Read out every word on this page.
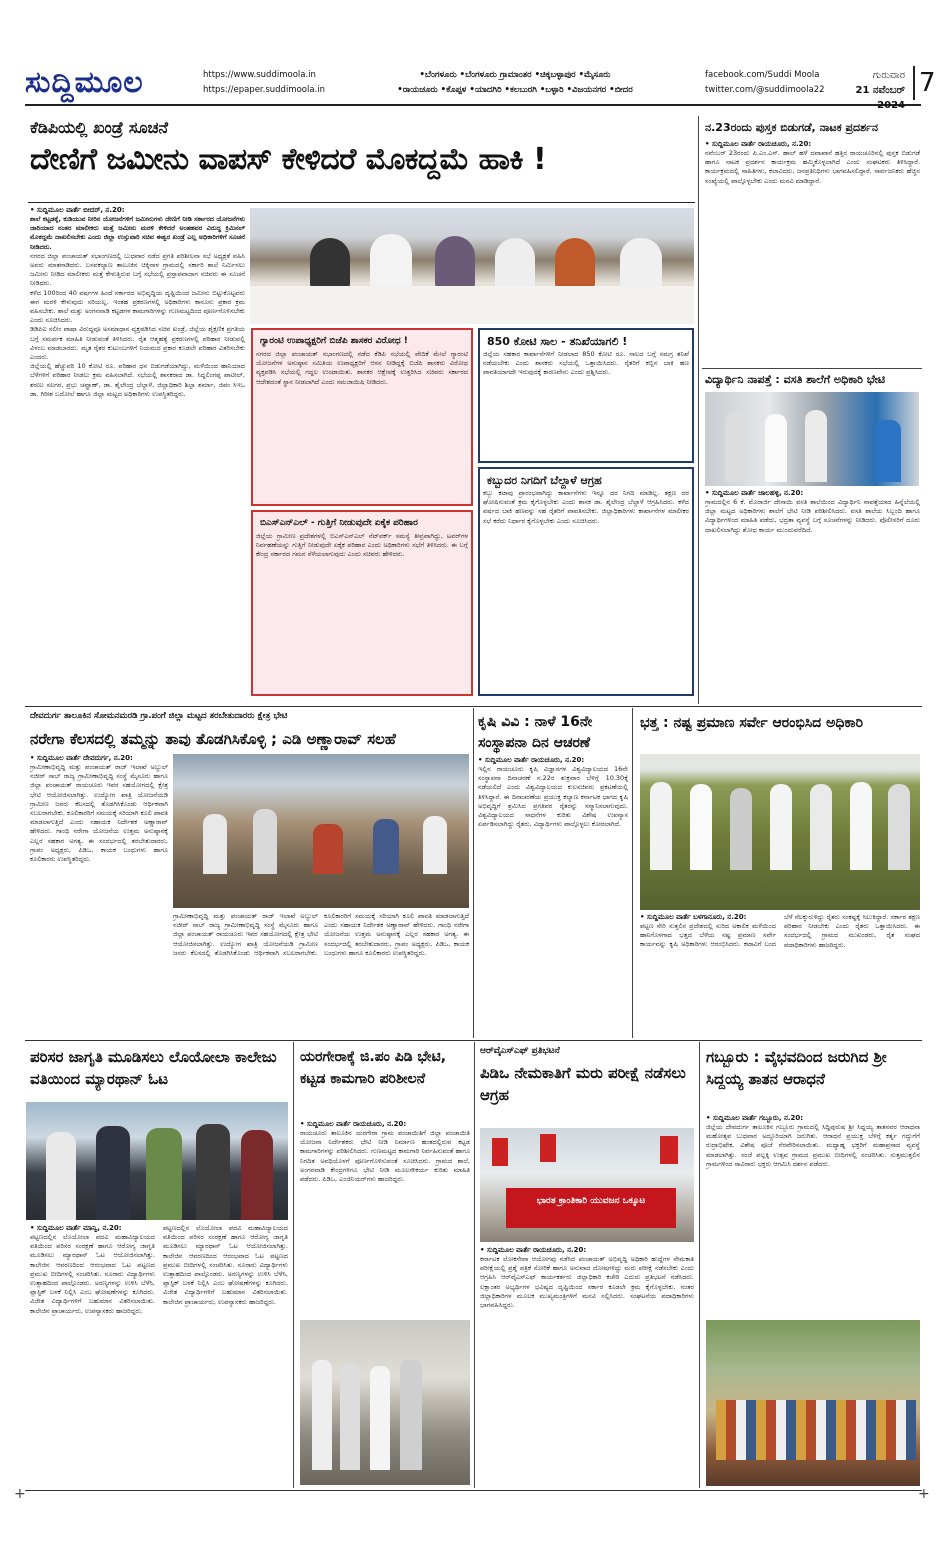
ಸುದ್ದಿಮೂಲ	https://www.suddimoola.in
https://epaper.suddimoola.in
•ಬೆಂಗಳೂರು •ಬೆಂಗಳೂರು ಗ್ರಾಮಾಂತರ •ಚಿಕ್ಕಬಳ್ಳಾಪುರ •ಮೈಸೂರು
•ರಾಯಚೂರು •ಕೊಪ್ಪಳ •ಯಾದಗಿರಿ •ಕಲಬುರಗಿ •ಬಳ್ಳಾರಿ •ವಿಜಯನಗರ •ಬೀದರ
facebook.com/Suddi Moola
twitter.com/@suddimoola22
ಗುರುವಾರ
21 ನವೆಂಬರ್ 2024
7
ಕೆಡಿಪಿಯಲ್ಲಿ ಖಂಡ್ರೆ ಸೂಚನೆ
ದೇಣಿಗೆ ಜಮೀನು ವಾಪಸ್ ಕೇಳಿದರೆ ಮೊಕದ್ದಮೆ ಹಾಕಿ !
• ಸುದ್ದಿಮೂಲ ವಾರ್ತೆ ಬೀದರ್, ನ.20:

ಶಾಲೆ ಕಟ್ಟಡಕ್ಕೆ, ಕುಡಿಯುವ ನೀರಿನ ಯೋಜನೆಗಳಿಗೆ ಜಮೀನುಗಳು ದೇಣಿಗೆ ನೀಡಿ ಸರ್ಕಾರದ ಯೋಜನೆಗಳು ಜಾರಿಯಾದ ನಂತರ ಮಾಲೀಕರು ಮತ್ತೆ ಜಮೀನು ಮರಳಿ ಕೇಳಿದರೆ ಅಂತಹವರ ವಿರುದ್ಧ ಕ್ರಿಮಿನಲ್ ಮೊಕದ್ದಮೆ ದಾಖಲಿಸಬೇಕು ಎಂದು ಜಿಲ್ಲಾ ಉಸ್ತುವಾರಿ ಸಚಿವ ಈಶ್ವರ ಖಂಡ್ರೆ ಎಲ್ಲ ಅಧಿಕಾರಿಗಳಿಗೆ ಸೂಚನೆ ನೀಡಿದರು.

ನಗರದ ಜಿಲ್ಲಾ ಪಂಚಾಯತ್ ಸಭಾಂಗಣದಲ್ಲಿ ಬುಧವಾರ ನಡೆದ ಪ್ರಗತಿ ಪರಿಶೀಲನಾ ಸಭೆ ಅಧ್ಯಕ್ಷತೆ ವಹಿಸಿ ಅವರು ಮಾತನಾಡಿದರು. ಬಸವಕಲ್ಯಾಣ ತಾಲೂಕಿನ ಚಿಕ್ಕಿನಾಳ ಗ್ರಾಮದಲ್ಲಿ ಸರ್ಕಾರಿ ಶಾಲೆ ನಿರ್ಮಿಸಲು ಜಮೀನು ನೀಡಿದ ಮಾಲೀಕರು ಮತ್ತೆ ಕೇಳುತ್ತಿರುವ ಬಗ್ಗೆ ಸಭೆಯಲ್ಲಿ ಪ್ರಸ್ತಾಪವಾದಾಗ ಸಚಿವರು ಈ ಸೂಚನೆ ನೀಡಿದರು.

ಕಳೆದ 100ರಿಂದ 40 ವರ್ಷಗಳ ಹಿಂದೆ ಸರ್ಕಾರದ ಅಭಿವೃದ್ಧಿಯ ದೃಷ್ಟಿಯಿಂದ ಜಮೀನು ಬಿಟ್ಟುಕೊಟ್ಟವರು ಈಗ ಮರಳಿ ಕೇಳುವುದು ಸರಿಯಲ್ಲ. ಇಂತಹ ಪ್ರಕರಣಗಳಲ್ಲಿ ಅಧಿಕಾರಿಗಳು ಕಾನೂನು ಪ್ರಕಾರ ಕ್ರಮ ವಹಿಸಬೇಕು. ಶಾಲೆ ಮತ್ತು ಅಂಗನವಾಡಿ ಕಟ್ಟಡಗಳ ಕಾಮಗಾರಿಗಳನ್ನು ಗುಣಮಟ್ಟದಿಂದ ಪೂರ್ಣಗೊಳಿಸಬೇಕು ಎಂದು ಸೂಚಿಸಿದರು.

ಡಿಡಿಪಿಐ ಸಲೀಂ ಪಾಷಾ ವಿರುದ್ಧವೂ ಅಸಮಾಧಾನ ವ್ಯಕ್ತಪಡಿಸಿದ ಸಚಿವ ಖಂಡ್ರೆ, ಜಿಲ್ಲೆಯ ಶೈಕ್ಷಣಿಕ ಪ್ರಗತಿಯ ಬಗ್ಗೆ ಸಮರ್ಪಕ ಮಾಹಿತಿ ನೀಡುವಂತೆ ತಿಳಿಸಿದರು. ರೈತ ಆತ್ಮಹತ್ಯೆ ಪ್ರಕರಣಗಳಲ್ಲಿ ಪರಿಹಾರ ನೀಡುವಲ್ಲಿ ವಿಳಂಬ ಮಾಡಬಾರದು. ಮೃತ ರೈತರ ಕುಟುಂಬಗಳಿಗೆ ನಿಯಮದ ಪ್ರಕಾರ ಕೂಡಲೇ ಪರಿಹಾರ ವಿತರಿಸಬೇಕು ಎಂದರು.

ಜಿಲ್ಲೆಯಲ್ಲಿ ಹೆಚ್ಚುವರಿ 10 ಕೋಟಿ ರೂ. ಪರಿಹಾರ ಧನ ಬಿಡುಗಡೆಯಾಗಿದ್ದು, ಮಳೆಯಿಂದ ಹಾನಿಯಾದ ಬೆಳೆಗಳಿಗೆ ಪರಿಹಾರ ನೀಡಲು ಕ್ರಮ ವಹಿಸಲಾಗಿದೆ. ಸಭೆಯಲ್ಲಿ ಶಾಸಕರಾದ ಡಾ. ಸಿದ್ದಲಿಂಗಪ್ಪ ಪಾಟೀಲ್, ಶರಣು ಸಲಗರ, ಪ್ರಭು ಚವ್ಹಾಣ್, ಡಾ. ಶೈಲೇಂದ್ರ ಬೆಲ್ದಾಳೆ, ಜಿಲ್ಲಾಧಿಕಾರಿ ಶಿಲ್ಪಾ ಶರ್ಮಾ, ಜಿಪಂ ಸಿಇಒ ಡಾ. ಗಿರೀಶ ಬದೋಲೆ ಹಾಗೂ ಜಿಲ್ಲಾ ಮಟ್ಟದ ಅಧಿಕಾರಿಗಳು ಉಪಸ್ಥಿತರಿದ್ದರು.

ಗ್ಯಾರಂಟಿ ಉಪಾಧ್ಯಕ್ಷರಿಗೆ ಬಿಜೆಪಿ ಶಾಸಕರ ವಿರೋಧ !

ನಗರದ ಜಿಲ್ಲಾ ಪಂಚಾಯತ್‌ ಸಭಾಂಗಣದಲ್ಲಿ ನಡೆದ ಕೆಡಿಪಿ ಸಭೆಯಲ್ಲಿ ವೇದಿಕೆ ಮೇಲೆ ಗ್ಯಾರಂಟಿ ಯೋಜನೆಗಳ ಅನುಷ್ಠಾನ ಸಮಿತಿಯ ಉಪಾಧ್ಯಕ್ಷರಿಗೆ ಆಸನ ನೀಡಿದ್ದಕ್ಕೆ ಬಿಜೆಪಿ ಶಾಸಕರು ವಿರೋಧ ವ್ಯಕ್ತಪಡಿಸಿ ಸಭೆಯಲ್ಲಿ ಗದ್ದಲ ಉಂಟಾಯಿತು. ಶಾಸಕರ ಆಕ್ಷೇಪಕ್ಕೆ ಉತ್ತರಿಸಿದ ಸಚಿವರು ಸರ್ಕಾರದ ಆದೇಶದಂತೆ ಸ್ಥಾನ ನೀಡಲಾಗಿದೆ ಎಂದು ಸಮಜಾಯಿಷಿ ನೀಡಿದರು.

ಬಿಎಸ್‌ಎನ್‌ಎಲ್ - ಗುತ್ತಿಗೆ ನೀಡುವುದೇ ಏಕೈಕ ಪರಿಹಾರ

ಜಿಲ್ಲೆಯ ಗ್ರಾಮೀಣ ಪ್ರದೇಶಗಳಲ್ಲಿ ಬಿಎಸ್‌ಎನ್‌ಎಲ್ ನೆಟ್‌ವರ್ಕ್ ಸಮಸ್ಯೆ ತೀವ್ರವಾಗಿದ್ದು, ಟವರ್‌ಗಳ ನಿರ್ವಹಣೆಯನ್ನು ಗುತ್ತಿಗೆ ನೀಡುವುದೇ ಏಕೈಕ ಪರಿಹಾರ ಎಂದು ಅಧಿಕಾರಿಗಳು ಸಭೆಗೆ ತಿಳಿಸಿದರು. ಈ ಬಗ್ಗೆ ಕೇಂದ್ರ ಸರ್ಕಾರದ ಗಮನ ಸೆಳೆಯಲಾಗುವುದು ಎಂದು ಸಚಿವರು ಹೇಳಿದರು.

850 ಕೋಟಿ ಸಾಲ - ತನಿಖೆಯಾಗಲಿ !

ಜಿಲ್ಲೆಯ ಸಹಕಾರ ಕಾರ್ಖಾನೆಗಳಿಗೆ ನೀಡಲಾದ 850 ಕೋಟಿ ರೂ. ಸಾಲದ ಬಗ್ಗೆ ಸಮಗ್ರ ತನಿಖೆ ನಡೆಯಬೇಕು ಎಂದು ಶಾಸಕರು ಸಭೆಯಲ್ಲಿ ಒತ್ತಾಯಿಸಿದರು. ರೈತರಿಗೆ ಕಬ್ಬಿನ ಬಾಕಿ ಹಣ ಪಾವತಿಯಾಗದೇ ಇರುವುದಕ್ಕೆ ಕಾರಣವೇನು ಎಂದು ಪ್ರಶ್ನಿಸಿದರು.

ಕಬ್ಬುದರ ನಿಗದಿಗೆ ಬೆಲ್ದಾಳೆ ಆಗ್ರಹ

ಕಬ್ಬು ಕಟಾವು ಪ್ರಾರಂಭವಾಗಿದ್ದು ಕಾರ್ಖಾನೆಗಳು ಇನ್ನೂ ದರ ನಿಗದಿ ಮಾಡಿಲ್ಲ. ತಕ್ಷಣ ದರ ಘೋಷಿಸುವಂತೆ ಕ್ರಮ ಕೈಗೊಳ್ಳಬೇಕು ಎಂದು ಶಾಸಕ ಡಾ. ಶೈಲೇಂದ್ರ ಬೆಲ್ದಾಳೆ ಆಗ್ರಹಿಸಿದರು. ಕಳೆದ ವರ್ಷದ ಬಾಕಿ ಹಣವನ್ನು ಸಹ ರೈತರಿಗೆ ಪಾವತಿಸಬೇಕು. ಜಿಲ್ಲಾಧಿಕಾರಿಗಳು ಕಾರ್ಖಾನೆಗಳ ಮಾಲೀಕರ ಸಭೆ ಕರೆದು ನಿರ್ಧಾರ ಕೈಗೊಳ್ಳಬೇಕು ಎಂದು ಸೂಚಿಸಿದರು.

ನ.23ರಂದು ಪುಸ್ತಕ ಬಿಡುಗಡೆ, ನಾಟಕ ಪ್ರದರ್ಶನ
• ಸುದ್ದಿಮೂಲ ವಾರ್ತೆ ರಾಯಚೂರು, ನ.20:

ನವೆಂಬರ್ 23ರಂದು ಪಿ.ಎಂ.ಎಸ್. ಹಾಲ್ ಹಳೆ ದವಾಖಾನೆ ಹತ್ತಿರ ರಾಯಚೂರಿನಲ್ಲಿ ಪುಸ್ತಕ ಬಿಡುಗಡೆ ಹಾಗೂ ನಾಟಕ ಪ್ರದರ್ಶನ ಕಾರ್ಯಕ್ರಮ ಹಮ್ಮಿಕೊಳ್ಳಲಾಗಿದೆ ಎಂದು ಸಂಘಟಕರು ತಿಳಿಸಿದ್ದಾರೆ. ಕಾರ್ಯಕ್ರಮದಲ್ಲಿ ಸಾಹಿತಿಗಳು, ಕಲಾವಿದರು, ಜನಪ್ರತಿನಿಧಿಗಳು ಭಾಗವಹಿಸಲಿದ್ದಾರೆ. ಸಾರ್ವಜನಿಕರು ಹೆಚ್ಚಿನ ಸಂಖ್ಯೆಯಲ್ಲಿ ಪಾಲ್ಗೊಳ್ಳಬೇಕು ಎಂದು ಮನವಿ ಮಾಡಿದ್ದಾರೆ.

ವಿದ್ಯಾರ್ಥಿನಿ ನಾಪತ್ತೆ : ವಸತಿ ಶಾಲೆಗೆ ಅಧಿಕಾರಿ ಭೇಟಿ
• ಸುದ್ದಿಮೂಲ ವಾರ್ತೆ ಜಾಲಹಳ್ಳಿ, ನ.20:

ಗ್ರಾಮದಲ್ಲಿನ 6 ಕೆ. ಮೊರಾರ್ಜಿ ದೇಸಾಯಿ ವಸತಿ ಶಾಲೆಯಿಂದ ವಿದ್ಯಾರ್ಥಿನಿ ನಾಪತ್ತೆಯಾದ ಹಿನ್ನೆಲೆಯಲ್ಲಿ ಜಿಲ್ಲಾ ಮಟ್ಟದ ಅಧಿಕಾರಿಗಳು ಶಾಲೆಗೆ ಭೇಟಿ ನೀಡಿ ಪರಿಶೀಲಿಸಿದರು. ವಸತಿ ಶಾಲೆಯ ಸಿಬ್ಬಂದಿ ಹಾಗೂ ವಿದ್ಯಾರ್ಥಿಗಳಿಂದ ಮಾಹಿತಿ ಪಡೆದು, ಭದ್ರತಾ ವ್ಯವಸ್ಥೆ ಬಗ್ಗೆ ಸೂಚನೆಗಳನ್ನು ನೀಡಿದರು. ಪೊಲೀಸರಿಗೆ ದೂರು ದಾಖಲಿಸಲಾಗಿದ್ದು ಶೋಧ ಕಾರ್ಯ ಮುಂದುವರೆದಿದೆ.

ದೇವದುರ್ಗ ತಾಲೂಕಿನ ಸೋಮನಮರಡಿ ಗ್ರಾ.ಪಂಗೆ ಜಿಲ್ಲಾ ಮಟ್ಟದ ತರಬೇತುದಾರರು ಕ್ಷೇತ್ರ ಭೇಟಿ
ನರೇಗಾ ಕೆಲಸದಲ್ಲಿ ತಮ್ಮನ್ನು ತಾವು ತೊಡಗಿಸಿಕೊಳ್ಳಿ ; ಎಡಿ ಅಣ್ಣಾರಾವ್ ಸಲಹೆ
• ಸುದ್ದಿಮೂಲ ವಾರ್ತೆ ದೇವದುರ್ಗ, ನ.20:

ಗ್ರಾಮೀಣಾಭಿವೃದ್ಧಿ ಮತ್ತು ಪಂಚಾಯತ್ ರಾಜ್ ಇಲಾಖೆ ಅಬ್ದುಲ್ ನಜೀರ್ ಸಾಬ್ ರಾಜ್ಯ ಗ್ರಾಮೀಣಾಭಿವೃದ್ಧಿ ಸಂಸ್ಥೆ ಮೈಸೂರು ಹಾಗೂ ಜಿಲ್ಲಾ ಪಂಚಾಯತ್ ರಾಯಚೂರು ಇವರ ಸಹಯೋಗದಲ್ಲಿ ಕ್ಷೇತ್ರ ಭೇಟಿ ಆಯೋಜಿಸಲಾಗಿತ್ತು. ಉದ್ಯೋಗ ಖಾತ್ರಿ ಯೋಜನೆಯಡಿ ಗ್ರಾಮೀಣ ಜನರು ಕೆಲಸದಲ್ಲಿ ತೊಡಗಿಸಿಕೊಂಡು ಆರ್ಥಿಕವಾಗಿ ಸಬಲರಾಗಬೇಕು. ಕೂಲಿಕಾರರಿಗೆ ಸಮಯಕ್ಕೆ ಸರಿಯಾಗಿ ಕೂಲಿ ಪಾವತಿ ಮಾಡಲಾಗುತ್ತಿದೆ ಎಂದು ಸಹಾಯಕ ನಿರ್ದೇಶಕ ಅಣ್ಣಾರಾವ್ ಹೇಳಿದರು. ಗಾಂಧಿ ನರೇಗಾ ಯೋಜನೆಯ ಉತ್ತಮ ಅನುಷ್ಠಾನಕ್ಕೆ ಎಲ್ಲರ ಸಹಕಾರ ಅಗತ್ಯ. ಈ ಸಂದರ್ಭದಲ್ಲಿ ತರಬೇತುದಾರರು, ಗ್ರಾಪಂ ಅಧ್ಯಕ್ಷರು, ಪಿಡಿಒ, ಕಾಯಕ ಬಂಧುಗಳು ಹಾಗೂ ಕೂಲಿಕಾರರು ಉಪಸ್ಥಿತರಿದ್ದರು.

ಗ್ರಾಮೀಣಾಭಿವೃದ್ಧಿ ಮತ್ತು ಪಂಚಾಯತ್ ರಾಜ್ ಇಲಾಖೆ ಅಬ್ದುಲ್ ನಜೀರ್ ಸಾಬ್ ರಾಜ್ಯ ಗ್ರಾಮೀಣಾಭಿವೃದ್ಧಿ ಸಂಸ್ಥೆ ಮೈಸೂರು ಹಾಗೂ ಜಿಲ್ಲಾ ಪಂಚಾಯತ್ ರಾಯಚೂರು ಇವರ ಸಹಯೋಗದಲ್ಲಿ ಕ್ಷೇತ್ರ ಭೇಟಿ ಆಯೋಜಿಸಲಾಗಿತ್ತು. ಉದ್ಯೋಗ ಖಾತ್ರಿ ಯೋಜನೆಯಡಿ ಗ್ರಾಮೀಣ ಜನರು ಕೆಲಸದಲ್ಲಿ ತೊಡಗಿಸಿಕೊಂಡು ಆರ್ಥಿಕವಾಗಿ ಸಬಲರಾಗಬೇಕು. ಕೂಲಿಕಾರರಿಗೆ ಸಮಯಕ್ಕೆ ಸರಿಯಾಗಿ ಕೂಲಿ ಪಾವತಿ ಮಾಡಲಾಗುತ್ತಿದೆ ಎಂದು ಸಹಾಯಕ ನಿರ್ದೇಶಕ ಅಣ್ಣಾರಾವ್ ಹೇಳಿದರು. ಗಾಂಧಿ ನರೇಗಾ ಯೋಜನೆಯ ಉತ್ತಮ ಅನುಷ್ಠಾನಕ್ಕೆ ಎಲ್ಲರ ಸಹಕಾರ ಅಗತ್ಯ. ಈ ಸಂದರ್ಭದಲ್ಲಿ ತರಬೇತುದಾರರು, ಗ್ರಾಪಂ ಅಧ್ಯಕ್ಷರು, ಪಿಡಿಒ, ಕಾಯಕ ಬಂಧುಗಳು ಹಾಗೂ ಕೂಲಿಕಾರರು ಉಪಸ್ಥಿತರಿದ್ದರು.

ಕೃಷಿ ವಿವಿ : ನಾಳೆ 16ನೇ ಸಂಸ್ಥಾಪನಾ ದಿನ ಆಚರಣೆ
• ಸುದ್ದಿಮೂಲ ವಾರ್ತೆ ರಾಯಚೂರು, ನ.20:

ಇಲ್ಲಿನ ರಾಯಚೂರು ಕೃಷಿ ವಿಜ್ಞಾನಗಳ ವಿಶ್ವವಿದ್ಯಾಲಯದ 16ನೇ ಸಂಸ್ಥಾಪನಾ ದಿನಾಚರಣೆ ನ.22ರ ಶುಕ್ರವಾರ ಬೆಳಿಗ್ಗೆ 10.30ಕ್ಕೆ ನಡೆಯಲಿದೆ ಎಂದು ವಿಶ್ವವಿದ್ಯಾಲಯದ ಕುಲಸಚಿವರು ಪ್ರಕಟಣೆಯಲ್ಲಿ ತಿಳಿಸಿದ್ದಾರೆ. ಈ ದಿನಾಚರಣೆಯ ಪ್ರಯುಕ್ತ ಕಲ್ಯಾಣ ಕರ್ನಾಟಕ ಭಾಗದ ಕೃಷಿ ಅಭಿವೃದ್ಧಿಗೆ ಶ್ರಮಿಸಿದ ಪ್ರಗತಿಪರ ರೈತರನ್ನು ಸನ್ಮಾನಿಸಲಾಗುವುದು. ವಿಶ್ವವಿದ್ಯಾಲಯದ ಸಾಧನೆಗಳ ಕುರಿತು ವಿಶೇಷ ಉಪನ್ಯಾಸ ಏರ್ಪಡಿಸಲಾಗಿದ್ದು ರೈತರು, ವಿದ್ಯಾರ್ಥಿಗಳು ಪಾಲ್ಗೊಳ್ಳಲು ಕೋರಲಾಗಿದೆ.

ಭತ್ತ : ನಷ್ಟ ಪ್ರಮಾಣ ಸರ್ವೇ ಆರಂಭಿಸಿದ ಅಧಿಕಾರಿ
• ಸುದ್ದಿಮೂಲ ವಾರ್ತೆ ಬಳಗಾನೂರು, ನ.20:

ಪಟ್ಟಣ ಸೇರಿ ಸುತ್ತಲಿನ ಪ್ರದೇಶದಲ್ಲಿ ಸುರಿದ ಅಕಾಲಿಕ ಮಳೆಯಿಂದ ಹಾನಿಗೊಳಗಾದ ಭತ್ತದ ಬೆಳೆಯ ನಷ್ಟ ಪ್ರಮಾಣ ಸರ್ವೇ ಕಾರ್ಯವನ್ನು ಕೃಷಿ ಅಧಿಕಾರಿಗಳು ಆರಂಭಿಸಿದರು. ಕಟಾವಿಗೆ ಬಂದ ಬೆಳೆ ನೆಲಕ್ಕುರುಳಿದ್ದು ರೈತರು ಸಂಕಷ್ಟಕ್ಕೆ ಸಿಲುಕಿದ್ದಾರೆ. ಸರ್ಕಾರ ತಕ್ಷಣ ಪರಿಹಾರ ನೀಡಬೇಕು ಎಂದು ರೈತರು ಒತ್ತಾಯಿಸಿದರು. ಈ ಸಂದರ್ಭದಲ್ಲಿ ಗ್ರಾಮದ ಮುಖಂಡರು, ರೈತ ಸಂಘದ ಪದಾಧಿಕಾರಿಗಳು ಹಾಜರಿದ್ದರು.

ಪರಿಸರ ಜಾಗೃತಿ ಮೂಡಿಸಲು ಲೊಯೋಲಾ ಕಾಲೇಜು ವತಿಯಿಂದ ಮ್ಯಾರಥಾನ್ ಓಟ
• ಸುದ್ದಿಮೂಲ ವಾರ್ತೆ ಮಾನ್ವಿ, ನ.20:

ಪಟ್ಟಣದಲ್ಲಿನ ಲೊಯೋಲಾ ಪದವಿ ಮಹಾವಿದ್ಯಾಲಯದ ವತಿಯಿಂದ ಪರಿಸರ ಸಂರಕ್ಷಣೆ ಹಾಗೂ ಆರೋಗ್ಯ ಜಾಗೃತಿ ಮೂಡಿಸಲು ಮ್ಯಾರಥಾನ್ ಓಟ ಆಯೋಜಿಸಲಾಗಿತ್ತು. ಕಾಲೇಜಿನ ಆವರಣದಿಂದ ಆರಂಭವಾದ ಓಟ ಪಟ್ಟಣದ ಪ್ರಮುಖ ಬೀದಿಗಳಲ್ಲಿ ಸಂಚರಿಸಿತು. ನೂರಾರು ವಿದ್ಯಾರ್ಥಿಗಳು ಉತ್ಸಾಹದಿಂದ ಪಾಲ್ಗೊಂಡರು. ಅರಣ್ಯಗಳನ್ನು ಉಳಿಸಿ ಬೆಳೆಸಿ, ಪ್ಲಾಸ್ಟಿಕ್ ಬಳಕೆ ನಿಲ್ಲಿಸಿ ಎಂಬ ಘೋಷಣೆಗಳನ್ನು ಕೂಗಿದರು. ವಿಜೇತ ವಿದ್ಯಾರ್ಥಿಗಳಿಗೆ ಬಹುಮಾನ ವಿತರಿಸಲಾಯಿತು. ಕಾಲೇಜಿನ ಪ್ರಾಚಾರ್ಯರು, ಉಪನ್ಯಾಸಕರು ಹಾಜರಿದ್ದರು.

ಪಟ್ಟಣದಲ್ಲಿನ ಲೊಯೋಲಾ ಪದವಿ ಮಹಾವಿದ್ಯಾಲಯದ ವತಿಯಿಂದ ಪರಿಸರ ಸಂರಕ್ಷಣೆ ಹಾಗೂ ಆರೋಗ್ಯ ಜಾಗೃತಿ ಮೂಡಿಸಲು ಮ್ಯಾರಥಾನ್ ಓಟ ಆಯೋಜಿಸಲಾಗಿತ್ತು. ಕಾಲೇಜಿನ ಆವರಣದಿಂದ ಆರಂಭವಾದ ಓಟ ಪಟ್ಟಣದ ಪ್ರಮುಖ ಬೀದಿಗಳಲ್ಲಿ ಸಂಚರಿಸಿತು. ನೂರಾರು ವಿದ್ಯಾರ್ಥಿಗಳು ಉತ್ಸಾಹದಿಂದ ಪಾಲ್ಗೊಂಡರು. ಅರಣ್ಯಗಳನ್ನು ಉಳಿಸಿ ಬೆಳೆಸಿ, ಪ್ಲಾಸ್ಟಿಕ್ ಬಳಕೆ ನಿಲ್ಲಿಸಿ ಎಂಬ ಘೋಷಣೆಗಳನ್ನು ಕೂಗಿದರು. ವಿಜೇತ ವಿದ್ಯಾರ್ಥಿಗಳಿಗೆ ಬಹುಮಾನ ವಿತರಿಸಲಾಯಿತು. ಕಾಲೇಜಿನ ಪ್ರಾಚಾರ್ಯರು, ಉಪನ್ಯಾಸಕರು ಹಾಜರಿದ್ದರು.

ಯರಗೇರಾಕ್ಕೆ ಜಿ.ಪಂ ಪಿಡಿ ಭೇಟಿ, ಕಟ್ಟಡ ಕಾಮಗಾರಿ ಪರಿಶೀಲನೆ
• ಸುದ್ದಿಮೂಲ ವಾರ್ತೆ ರಾಯಚೂರು, ನ.20:

ರಾಯಚೂರು ತಾಲೂಕಿನ ಯರಗೇರಾ ಗ್ರಾಮ ಪಂಚಾಯಿತಿಗೆ ಜಿಲ್ಲಾ ಪಂಚಾಯಿತಿ ಯೋಜನಾ ನಿರ್ದೇಶಕರು ಭೇಟಿ ನೀಡಿ ನಿರ್ಮಾಣ ಹಂತದಲ್ಲಿರುವ ಕಟ್ಟಡ ಕಾಮಗಾರಿಗಳನ್ನು ಪರಿಶೀಲಿಸಿದರು. ಗುಣಮಟ್ಟದ ಕಾಮಗಾರಿ ನಿರ್ವಹಿಸುವಂತೆ ಹಾಗೂ ನಿಗದಿತ ಅವಧಿಯೊಳಗೆ ಪೂರ್ಣಗೊಳಿಸುವಂತೆ ಸೂಚಿಸಿದರು. ಗ್ರಾಮದ ಶಾಲೆ, ಅಂಗನವಾಡಿ ಕೇಂದ್ರಗಳಿಗೂ ಭೇಟಿ ನೀಡಿ ಮೂಲಸೌಕರ್ಯ ಕುರಿತು ಮಾಹಿತಿ ಪಡೆದರು. ಪಿಡಿಒ, ಎಂಜಿನಿಯರ್‌ಗಳು ಹಾಜರಿದ್ದರು.

ಆರ್‌ವೈಎಸ್‌ಎಫ್ ಪ್ರತಿಭಟನೆ
ಪಿಡಿಒ ನೇಮಕಾತಿಗೆ ಮರು ಪರೀಕ್ಷೆ ನಡೆಸಲು ಆಗ್ರಹ
ಭಾರತ ಕ್ರಾಂತಿಕಾರಿ ಯುವಜನ ಒಕ್ಕೂಟ
• ಸುದ್ದಿಮೂಲ ವಾರ್ತೆ ರಾಯಚೂರು, ನ.20:

ಕರ್ನಾಟಕ ಲೋಕಸೇವಾ ಆಯೋಗವು ನಡೆಸಿದ ಪಂಚಾಯತ್ ಅಭಿವೃದ್ಧಿ ಅಧಿಕಾರಿ ಹುದ್ದೆಗಳ ನೇಮಕಾತಿ ಪರೀಕ್ಷೆಯಲ್ಲಿ ಪ್ರಶ್ನೆ ಪತ್ರಿಕೆ ಸೋರಿಕೆ ಹಾಗೂ ಅನುವಾದ ದೋಷಗಳಿದ್ದು ಮರು ಪರೀಕ್ಷೆ ನಡೆಸಬೇಕು ಎಂದು ಆಗ್ರಹಿಸಿ ಆರ್‌ವೈಎಸ್‌ಎಫ್ ಕಾರ್ಯಕರ್ತರು ಜಿಲ್ಲಾಧಿಕಾರಿ ಕಚೇರಿ ಎದುರು ಪ್ರತಿಭಟನೆ ನಡೆಸಿದರು. ಲಕ್ಷಾಂತರ ಅಭ್ಯರ್ಥಿಗಳ ಭವಿಷ್ಯದ ದೃಷ್ಟಿಯಿಂದ ಸರ್ಕಾರ ಕೂಡಲೇ ಕ್ರಮ ಕೈಗೊಳ್ಳಬೇಕು. ನಂತರ ಜಿಲ್ಲಾಧಿಕಾರಿಗಳ ಮೂಲಕ ಮುಖ್ಯಮಂತ್ರಿಗಳಿಗೆ ಮನವಿ ಸಲ್ಲಿಸಿದರು. ಸಂಘಟನೆಯ ಪದಾಧಿಕಾರಿಗಳು ಭಾಗವಹಿಸಿದ್ದರು.

ಗಬ್ಬೂರು : ವೈಭವದಿಂದ ಜರುಗಿದ ಶ್ರೀ ಸಿದ್ದಯ್ಯ ತಾತನ ಆರಾಧನೆ
• ಸುದ್ದಿಮೂಲ ವಾರ್ತೆ ಗಬ್ಬೂರು, ನ.20:

ಜಿಲ್ಲೆಯ ದೇವದುರ್ಗ ತಾಲೂಕಿನ ಗಬ್ಬೂರು ಗ್ರಾಮದಲ್ಲಿ ಸಿದ್ದಿಪುರುಷ ಶ್ರೀ ಸಿದ್ದಯ್ಯ ತಾತನವರ ಆರಾಧನಾ ಮಹೋತ್ಸವ ಬುಧವಾರ ಅದ್ದೂರಿಯಾಗಿ ಜರುಗಿತು. ಆರಾಧನೆ ಪ್ರಯುಕ್ತ ಬೆಳಿಗ್ಗೆ ಕರ್ತೃ ಗದ್ದುಗೆಗೆ ರುದ್ರಾಭಿಷೇಕ, ವಿಶೇಷ ಪೂಜೆ ನೆರವೇರಿಸಲಾಯಿತು. ಮಧ್ಯಾಹ್ನ ಭಕ್ತರಿಗೆ ಮಹಾಪ್ರಸಾದ ವ್ಯವಸ್ಥೆ ಮಾಡಲಾಗಿತ್ತು. ಸಂಜೆ ಪಲ್ಲಕ್ಕಿ ಉತ್ಸವ ಗ್ರಾಮದ ಪ್ರಮುಖ ಬೀದಿಗಳಲ್ಲಿ ಸಂಚರಿಸಿತು. ಸುತ್ತಮುತ್ತಲಿನ ಗ್ರಾಮಗಳಿಂದ ಸಾವಿರಾರು ಭಕ್ತರು ಆಗಮಿಸಿ ದರ್ಶನ ಪಡೆದರು.

+	+
